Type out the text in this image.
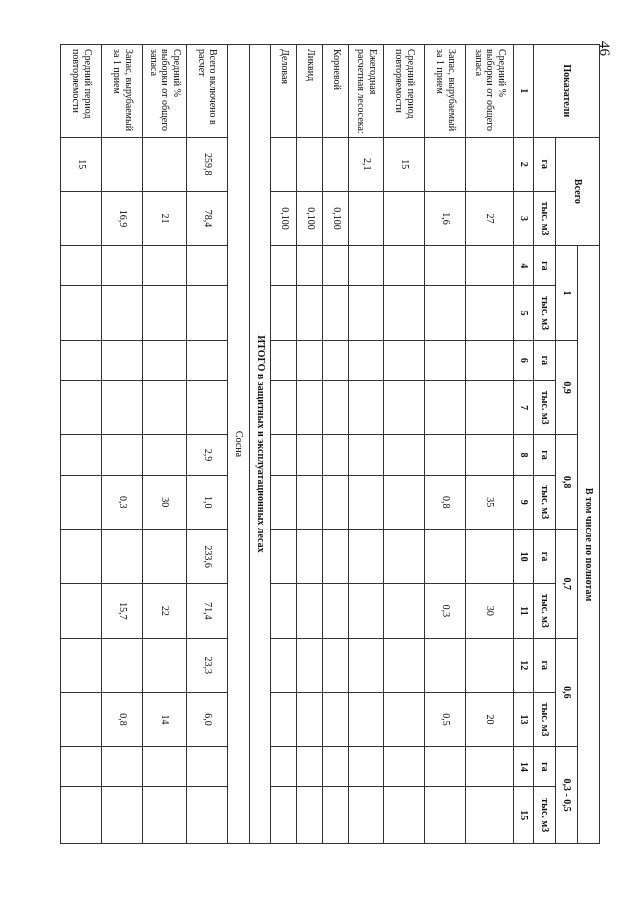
46
Показатели	Всего		В том числе по полнотам											
			1		0,9		0,8		0,7		0,6		0,3 - 0,5	
	га	тыс. м3	га	тыс. м3	га	тыс. м3	га	тыс. м3	га	тыс. м3	га	тыс. м3	га	тыс. м3
1	2	3	4	5	6	7	8	9	10	11	12	13	14	15
Средний % выборки от общего запаса		27						35		30		20		
Запас, вырубаемый за 1 прием		1,6						0,8		0,3		0,5		
Средний период повторяемости	15													
Ежегодная расчетная лесосека:	2,1													
Корневой		0,100												
Ликвид		0,100												
Деловая		0,100												
ИТОГО в защитных и эксплуатационных лесах														
Сосна														
Всего включено в расчет	259,8	78,4					2,9	1,0	233,6	71,4	23,3	6,0		
Средний % выборки от общего запаса		21						30		22		14		
Запас, вырубаемый за 1 прием		16,9						0,3		15,7		0,8		
Средний период повторяемости	15													
